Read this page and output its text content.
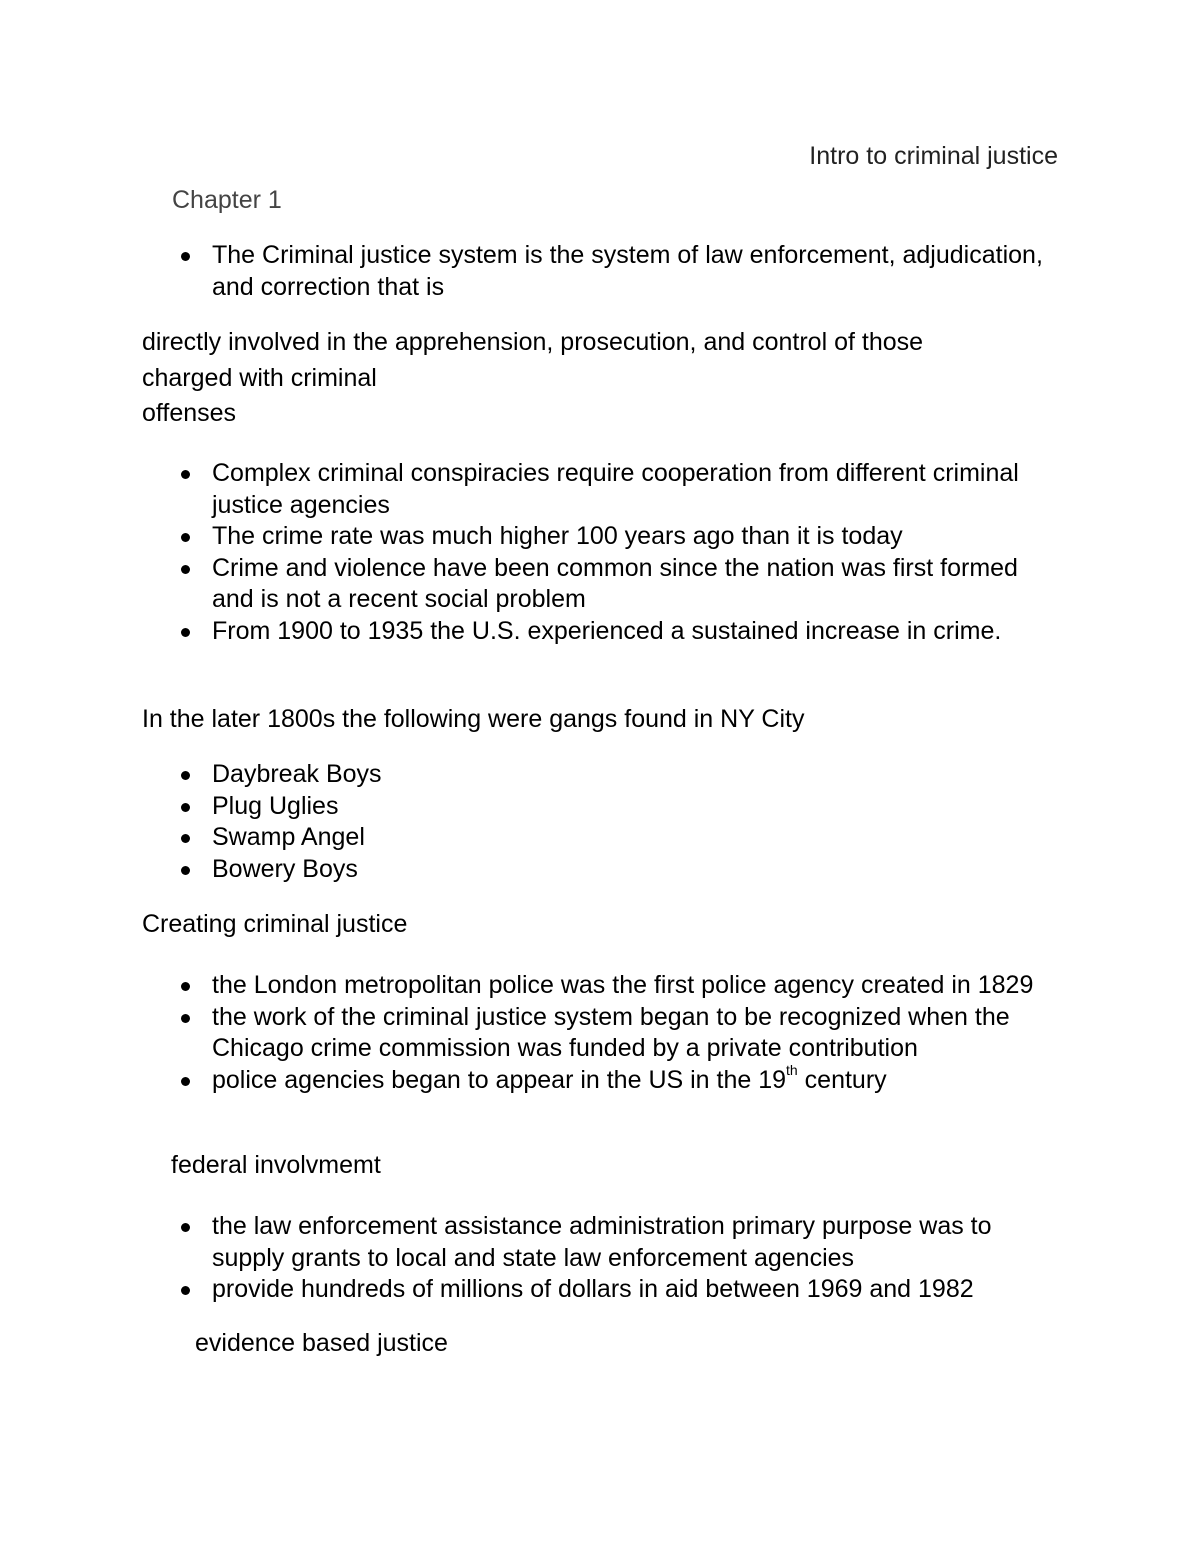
Intro to criminal justice
Chapter 1
The Criminal justice system is the system of law enforcement, adjudication, and correction that is
directly involved in the apprehension, prosecution, and control of those
charged with criminal
offenses
Complex criminal conspiracies require cooperation from different criminal justice agencies
The crime rate was much higher 100 years ago than it is today
Crime and violence have been common since the nation was first formed and is not a recent social problem
From 1900 to 1935 the U.S. experienced a sustained increase in crime.
In the later 1800s the following were gangs found in NY City
Daybreak Boys
Plug Uglies
Swamp Angel
Bowery Boys
Creating criminal justice
the London metropolitan police was the first police agency created in 1829
the work of the criminal justice system began to be recognized when the Chicago crime commission was funded by a private contribution
police agencies began to appear in the US in the 19th century
federal involvmemt
the law enforcement assistance administration primary purpose was to supply grants to local and state law enforcement agencies
provide hundreds of millions of dollars in aid between 1969 and 1982
evidence based justice
